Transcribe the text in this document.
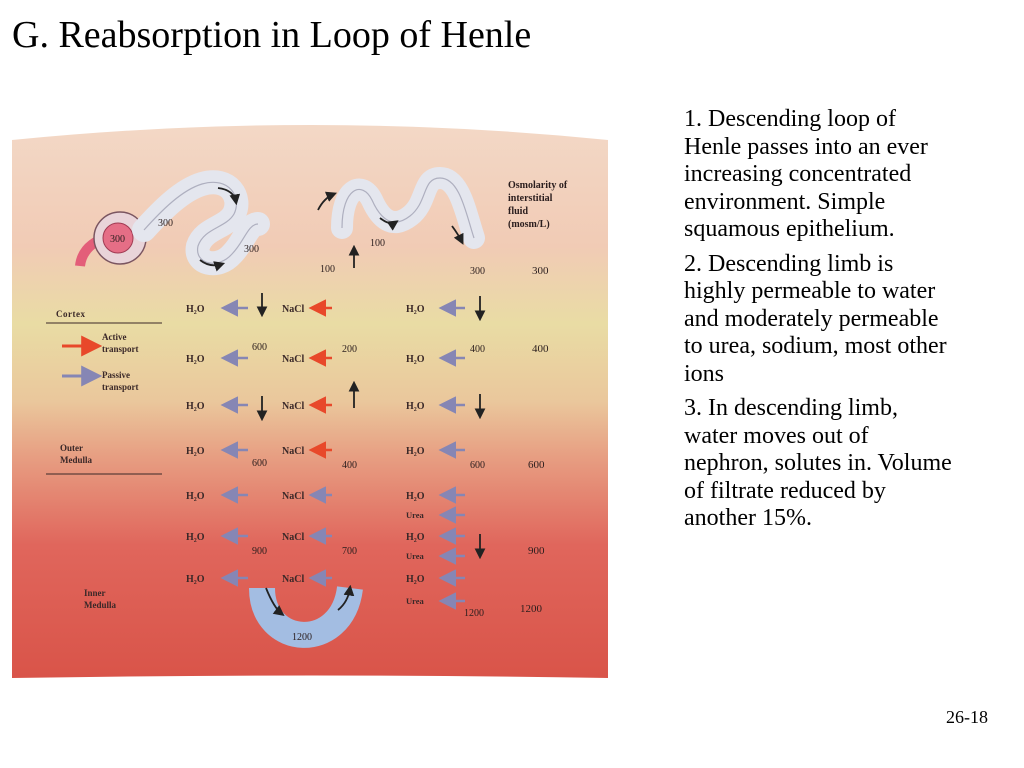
G. Reabsorption in Loop of Henle
Osmolarity of
interstitial
fluid
(mosm/L)
300
400
600
900
1200
Cortex
Outer
Medulla
Inner
Medulla
Active
transport
Passive
transport
300
300
300
600
600
900
1200
100
200
400
700
100
300
400
600
1200
H₂O
H₂O
H₂O
H₂O
H₂O
H₂O
H₂O
NaCl
NaCl
NaCl
NaCl
NaCl
NaCl
NaCl
H₂O
H₂O
H₂O
H₂O
H₂O
Urea
H₂O
Urea
H₂O
Urea

1. Descending loop of Henle passes into an ever increasing concentrated environment. Simple squamous epithelium.

2. Descending limb is highly permeable to water and moderately permeable to urea, sodium, most other ions

3. In descending limb, water moves out of nephron, solutes in. Volume of filtrate reduced by another 15%.

26-18
